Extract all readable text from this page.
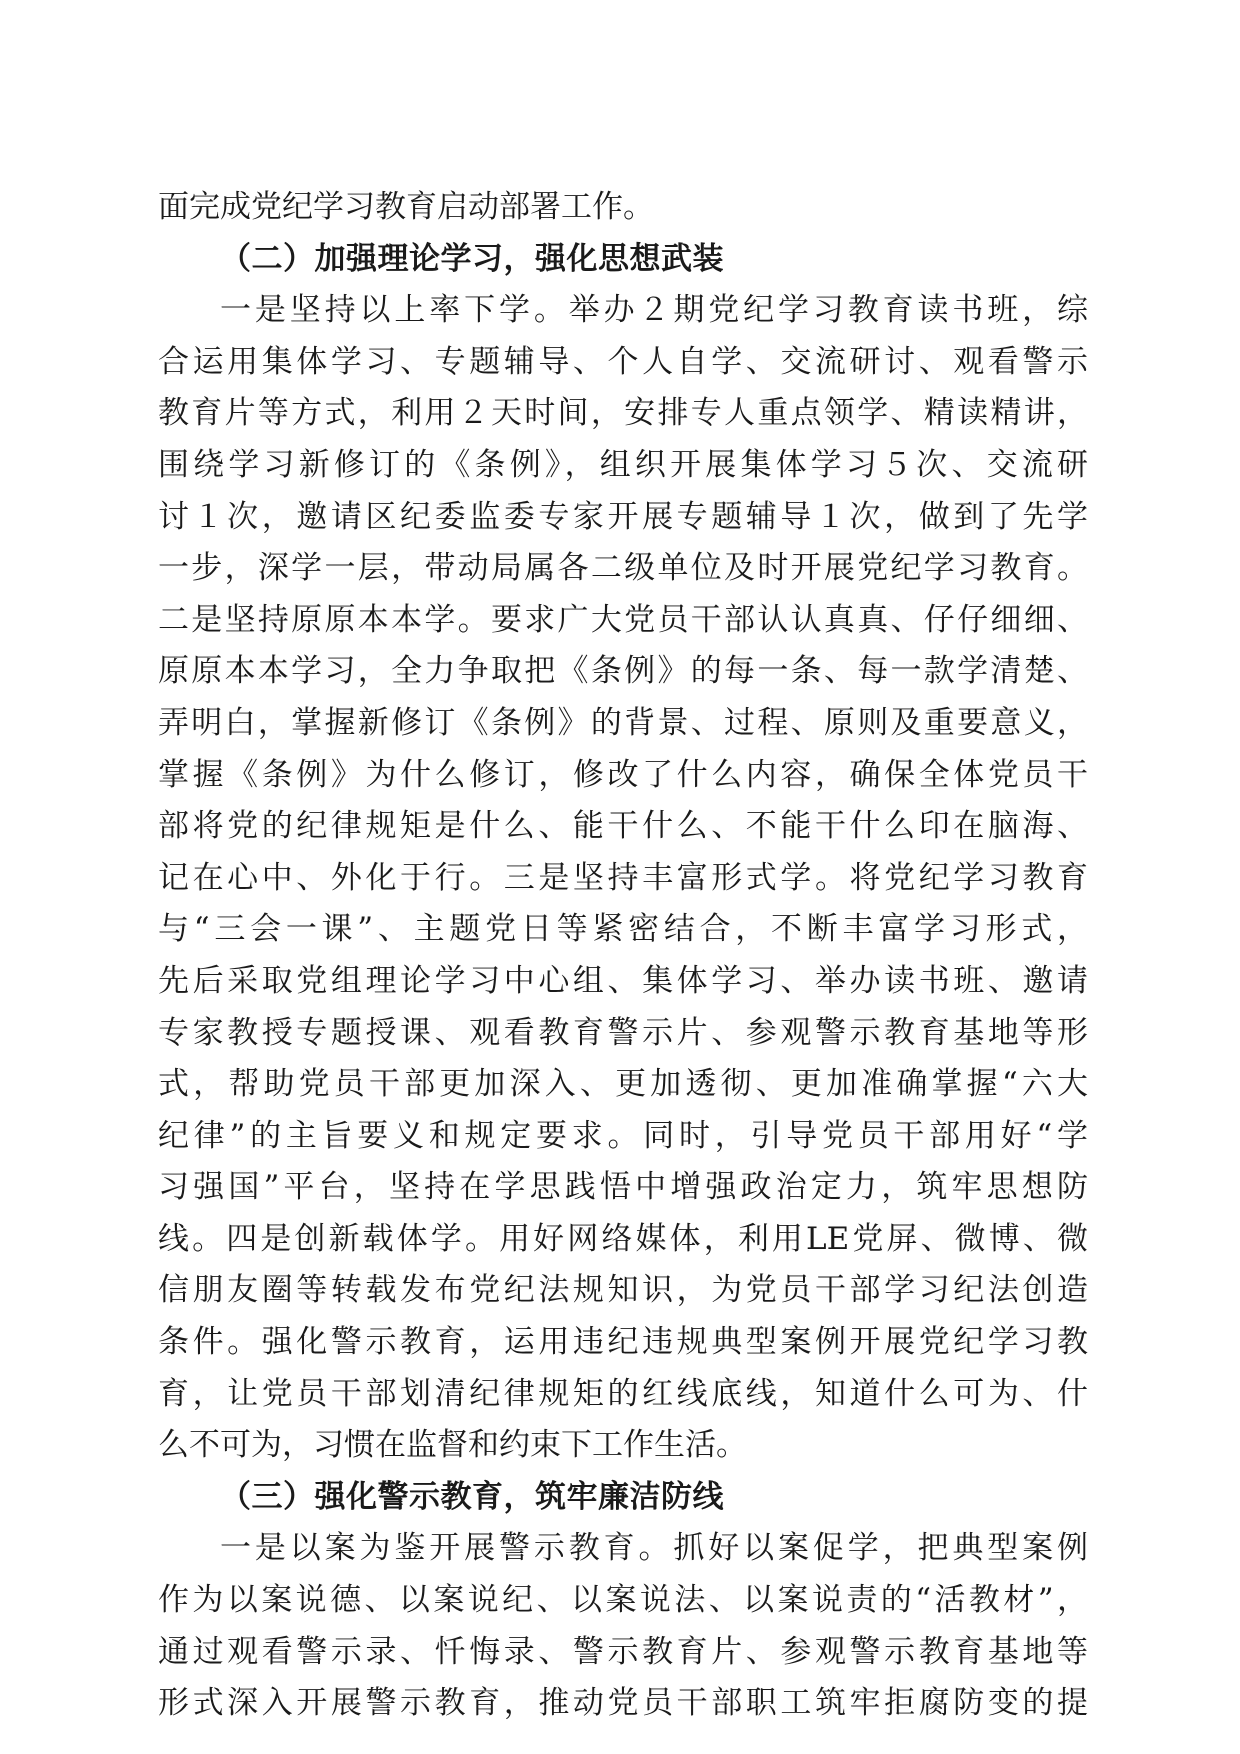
面完成党纪学习教育启动部署工作。
（二）加强理论学习，强化思想武装
一是坚持以上率下学。举办２期党纪学习教育读书班，综
合运用集体学习、专题辅导、个人自学、交流研讨、观看警示
教育片等方式，利用２天时间，安排专人重点领学、精读精讲，
围绕学习新修订的《条例》，组织开展集体学习５次、交流研
讨１次，邀请区纪委监委专家开展专题辅导１次，做到了先学
一步，深学一层，带动局属各二级单位及时开展党纪学习教育。
二是坚持原原本本学。要求广大党员干部认认真真、仔仔细细、
原原本本学习，全力争取把《条例》的每一条、每一款学清楚、
弄明白，掌握新修订《条例》的背景、过程、原则及重要意义，
掌握《条例》为什么修订，修改了什么内容，确保全体党员干
部将党的纪律规矩是什么、能干什么、不能干什么印在脑海、
记在心中、外化于行。三是坚持丰富形式学。将党纪学习教育
与“三会一课”、主题党日等紧密结合，不断丰富学习形式，
先后采取党组理论学习中心组、集体学习、举办读书班、邀请
专家教授专题授课、观看教育警示片、参观警示教育基地等形
式，帮助党员干部更加深入、更加透彻、更加准确掌握“六大
纪律”的主旨要义和规定要求。同时，引导党员干部用好“学
习强国”平台，坚持在学思践悟中增强政治定力，筑牢思想防
线。四是创新载体学。用好网络媒体，利用LE党屏、微博、微
信朋友圈等转载发布党纪法规知识，为党员干部学习纪法创造
条件。强化警示教育，运用违纪违规典型案例开展党纪学习教
育，让党员干部划清纪律规矩的红线底线，知道什么可为、什
么不可为，习惯在监督和约束下工作生活。
（三）强化警示教育，筑牢廉洁防线
一是以案为鉴开展警示教育。抓好以案促学，把典型案例
作为以案说德、以案说纪、以案说法、以案说责的“活教材”，
通过观看警示录、忏悔录、警示教育片、参观警示教育基地等
形式深入开展警示教育，推动党员干部职工筑牢拒腐防变的提
